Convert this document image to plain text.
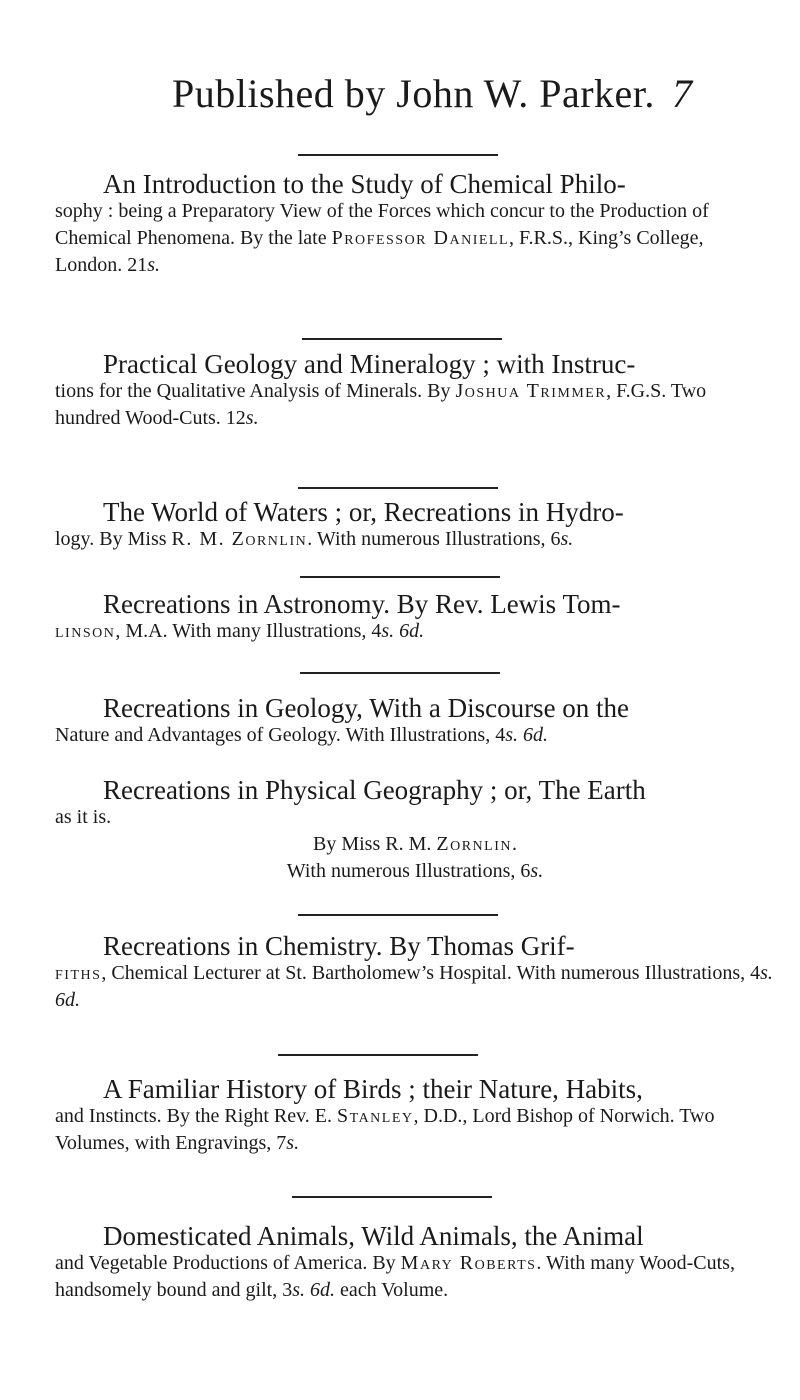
Published by John W. Parker. 7
An Introduction to the Study of Chemical Philo-
sophy : being a Preparatory View of the Forces which concur to the Production of Chemical Phenomena. By the late Professor Daniell, F.R.S., King’s College, London. 21s.
Practical Geology and Mineralogy ; with Instruc-
tions for the Qualitative Analysis of Minerals. By Joshua Trimmer, F.G.S. Two hundred Wood-Cuts. 12s.
The World of Waters ; or, Recreations in Hydro-
logy. By Miss R. M. Zornlin. With numerous Illustrations, 6s.
Recreations in Astronomy. By Rev. Lewis Tom-
linson, M.A. With many Illustrations, 4s. 6d.
Recreations in Geology, With a Discourse on the
Nature and Advantages of Geology. With Illustrations, 4s. 6d.
Recreations in Physical Geography ; or, The Earth
as it is.
By Miss R. M. Zornlin.
With numerous Illustrations, 6s.
Recreations in Chemistry. By Thomas Grif-
fiths, Chemical Lecturer at St. Bartholomew’s Hospital. With numerous Illustrations, 4s. 6d.
A Familiar History of Birds ; their Nature, Habits,
and Instincts. By the Right Rev. E. Stanley, D.D., Lord Bishop of Norwich. Two Volumes, with Engravings, 7s.
Domesticated Animals, Wild Animals, the Animal
and Vegetable Productions of America. By Mary Roberts. With many Wood-Cuts, handsomely bound and gilt, 3s. 6d. each Volume.
